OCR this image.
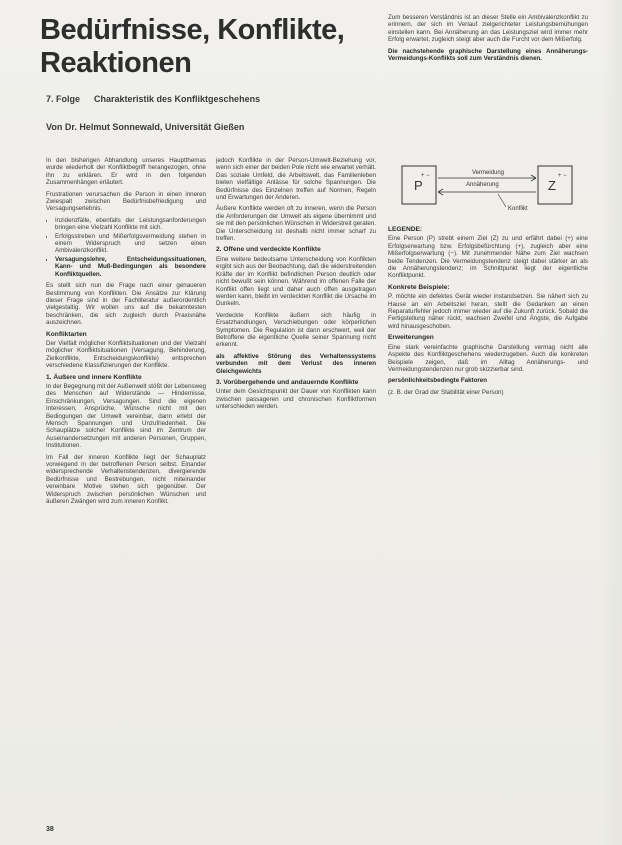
Bedürfnisse, Konflikte,
Reaktionen
7. Folge Charakteristik des Konfliktgeschehens
Von Dr. Helmut Sonnewald, Universität Gießen

In den bisherigen Abhandlung unseres Hauptthemas wurde wiederholt der Konfliktbegriff herangezogen, ohne ihn zu erklären. Er wird in den folgenden Zusammenhängen erläutert.

Frustrationen verursachen die Person in einen inneren Zwiespalt zwischen Bedürfnisbefriedigung und Versagungserlebnis.

• Inzidenzfälle, ebenfalls der Leistungsanforderungen bringen eine Vielzahl Konflikte mit sich.
• Erfolgsstreben und Mißerfolgsvermeidung stehen in einem Widerspruch und setzen einen Ambivalenzkonflikt.
• Versagungslehre, Entscheidungssituationen, Kann- und Muß-Bedingungen als besondere Konfliktquellen.

Es stellt sich nun die Frage nach einer genaueren Bestimmung von Konflikten. Die Ansätze zur Klärung dieser Frage sind in der Fachliteratur außerordentlich vielgestaltig. Wir wollen uns auf die bekanntesten beschränken, die sich zugleich durch Praxisnähe auszeichnen.

Konfliktarten

Der Vielfalt möglicher Konfliktsituationen und der Vielzahl möglicher Konfliktsituationen (Versagung, Behinderung, Zielkonflikte, Entscheidungskonflikte) entsprechen verschiedene Klassifizierungen der Konflikte.

1. Äußere und innere Konflikte

In der Begegnung mit der Außenwelt stößt der Lebensweg des Menschen auf Widerstände — Hindernisse, Einschränkungen, Versagungen. Sind die eigenen Interessen, Ansprüche, Wünsche nicht mit den Bedingungen der Umwelt vereinbar, dann erlebt der Mensch Spannungen und Unzufriedenheit. Die Schauplätze solcher Konflikte sind im Zentrum der Auseinandersetzungen mit anderen Personen, Gruppen, Institutionen.

Im Fall der inneren Konflikte liegt der Schauplatz vorwiegend in der betroffenen Person selbst. Einander widersprechende Verhaltenstendenzen, divergierende Bedürfnisse und Bestrebungen, nicht miteinander vereinbare Motive stehen sich gegenüber. Der Widerspruch zwischen persönlichen Wünschen und äußeren Zwängen wird zum inneren Konflikt.

jedoch Konflikte in der Person-Umwelt-Beziehung vor, wenn sich einer der beiden Pole nicht wie erwartet verhält. Das soziale Umfeld, die Arbeitswelt, das Familienleben bieten vielfältige Anlässe für solche Spannungen. Die Bedürfnisse des Einzelnen treffen auf Normen, Regeln und Erwartungen der Anderen.

Äußere Konflikte werden oft zu inneren, wenn die Person die Anforderungen der Umwelt als eigene übernimmt und sie mit den persönlichen Wünschen in Widerstreit geraten. Die Unterscheidung ist deshalb nicht immer scharf zu treffen.

2. Offene und verdeckte Konflikte

Eine weitere bedeutsame Unterscheidung von Konflikten ergibt sich aus der Beobachtung, daß die widerstreitenden Kräfte der im Konflikt befindlichen Person deutlich oder nicht bewußt sein können. Während im offenen Falle der Konflikt offen liegt und daher auch offen ausgetragen werden kann, bleibt im verdeckten Konflikt die Ursache im Dunkeln.

Verdeckte Konflikte äußern sich häufig in Ersatzhandlungen, Verschiebungen oder körperlichen Symptomen. Die Regulation ist dann erschwert, weil der Betroffene die eigentliche Quelle seiner Spannung nicht erkennt.

als affektive Störung des Verhaltenssystems verbunden mit dem Verlust des inneren Gleichgewichts

3. Vorübergehende und andauernde Konflikte

Unter dem Gesichtspunkt der Dauer von Konflikten kann zwischen passageren und chronischen Konfliktformen unterschieden werden.

Zum besseren Verständnis ist an dieser Stelle ein Ambivalenzkonflikt zu erinnern, der sich im Verlauf zielgerichteter Leistungsbemühungen einstellen kann. Bei Annäherung an das Leistungsziel wird immer mehr Erfolg erwartet, zugleich steigt aber auch die Furcht vor dem Mißerfolg.

Die nachstehende graphische Darstellung eines Annäherungs-Vermeidungs-Konflikts soll zum Verständnis dienen.

P
+ −
Z
+ −
Vermeidung
Annäherung
Konflikt
LEGENDE:

Eine Person (P) strebt einem Ziel (Z) zu und erfährt dabei (+) eine Erfolgserwartung bzw. Erfolgsbefürchtung (+), zugleich aber eine Mißerfolgserwartung (−). Mit zunehmender Nähe zum Ziel wachsen beide Tendenzen. Die Vermeidungstendenz steigt dabei stärker an als die Annäherungstendenz; im Schnittpunkt liegt der eigentliche Konfliktpunkt.

Konkrete Beispiele:

P. möchte ein defektes Gerät wieder instandsetzen. Sie nähert sich zu Hause an ein Arbeitsziel heran, stellt die Gedanken an einen Reparaturfehler jedoch immer wieder auf die Zukunft zurück. Sobald die Fertigstellung näher rückt, wachsen Zweifel und Ängste, die Aufgabe wird hinausgeschoben.

Erweiterungen

Eine stark vereinfachte graphische Darstellung vermag nicht alle Aspekte des Konfliktgeschehens wiederzugeben. Auch die konkreten Beispiele zeigen, daß im Alltag Annäherungs- und Vermeidungstendenzen nur grob skizzierbar sind.

persönlichkeitsbedingte Faktoren

(z. B. der Grad der Stabilität einer Person)

38
